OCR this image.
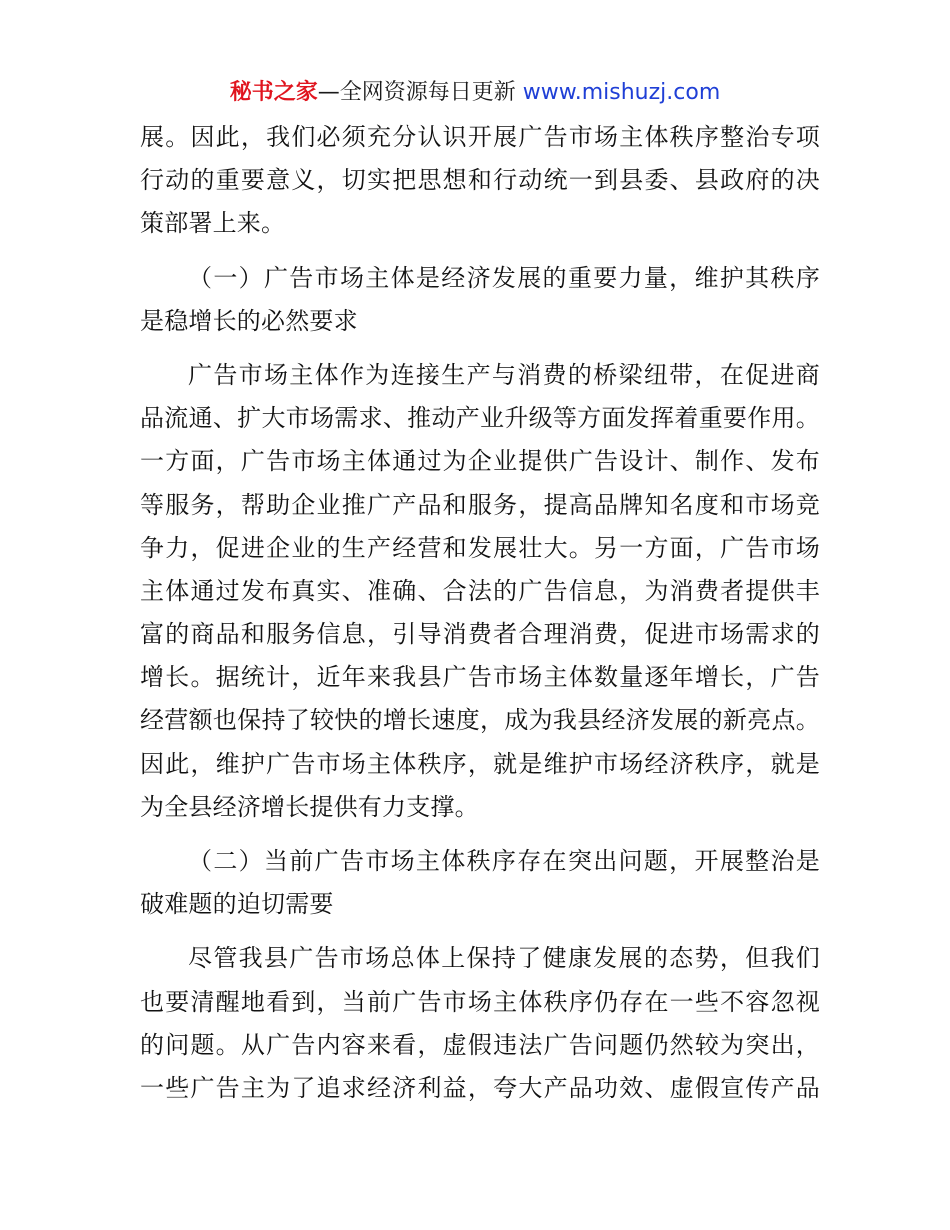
秘书之家—全网资源每日更新 www.mishuzj.com
展。因此，我们必须充分认识开展广告市场主体秩序整治专项
行动的重要意义，切实把思想和行动统一到县委、县政府的决
策部署上来。
（一）广告市场主体是经济发展的重要力量，维护其秩序
是稳增长的必然要求
广告市场主体作为连接生产与消费的桥梁纽带，在促进商
品流通、扩大市场需求、推动产业升级等方面发挥着重要作用。
一方面，广告市场主体通过为企业提供广告设计、制作、发布
等服务，帮助企业推广产品和服务，提高品牌知名度和市场竞
争力，促进企业的生产经营和发展壮大。另一方面，广告市场
主体通过发布真实、准确、合法的广告信息，为消费者提供丰
富的商品和服务信息，引导消费者合理消费，促进市场需求的
增长。据统计，近年来我县广告市场主体数量逐年增长，广告
经营额也保持了较快的增长速度，成为我县经济发展的新亮点。
因此，维护广告市场主体秩序，就是维护市场经济秩序，就是
为全县经济增长提供有力支撑。
（二）当前广告市场主体秩序存在突出问题，开展整治是
破难题的迫切需要
尽管我县广告市场总体上保持了健康发展的态势，但我们
也要清醒地看到，当前广告市场主体秩序仍存在一些不容忽视
的问题。从广告内容来看，虚假违法广告问题仍然较为突出，
一些广告主为了追求经济利益，夸大产品功效、虚假宣传产品
